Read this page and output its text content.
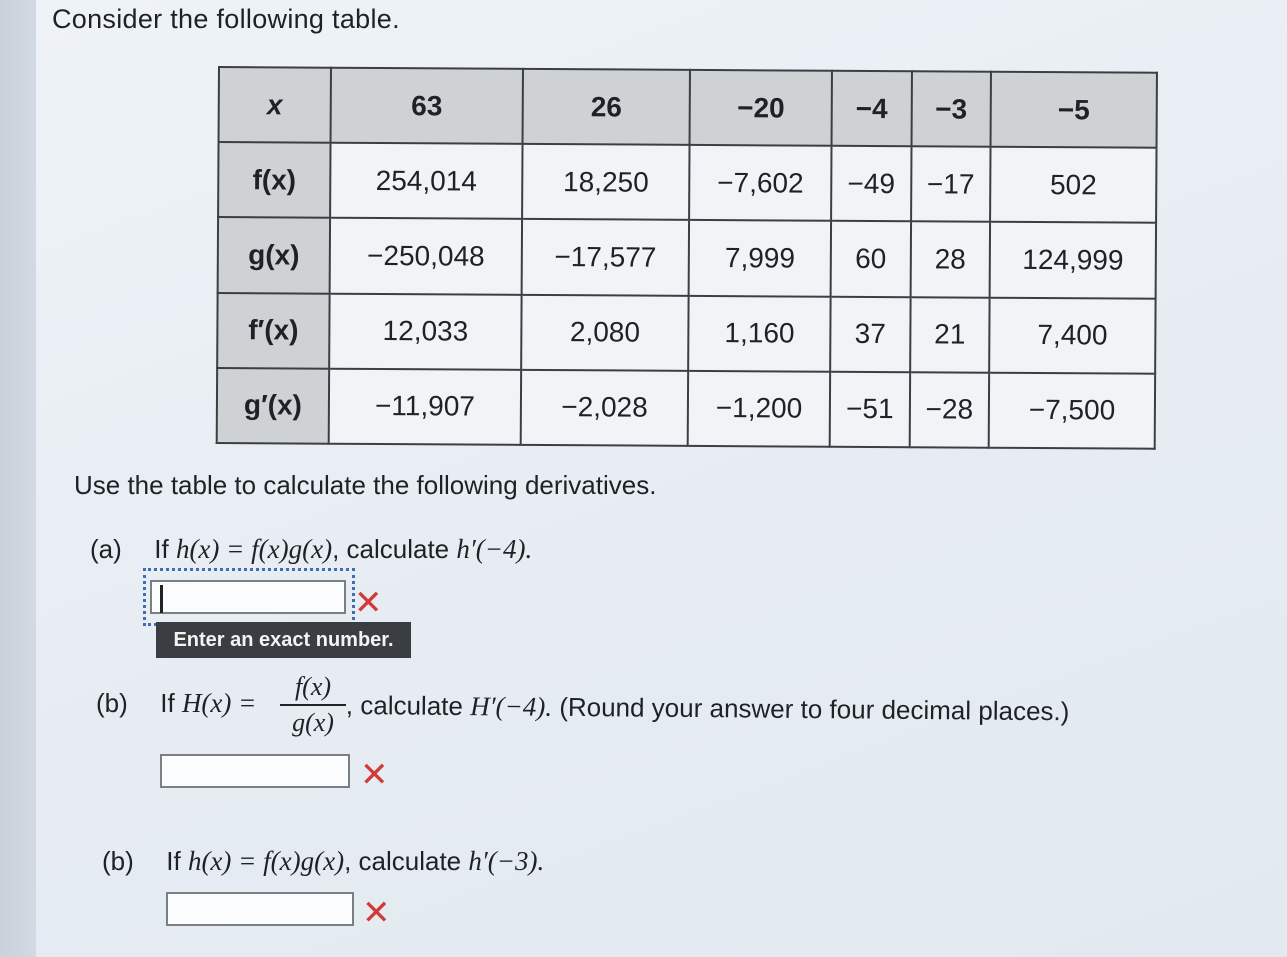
Consider the following table.
x	63	26	−20	−4	−3	−5
f(x)	254,014	18,250	−7,602	−49	−17	502
g(x)	−250,048	−17,577	7,999	60	28	124,999
f′(x)	12,033	2,080	1,160	37	21	7,400
g′(x)	−11,907	−2,028	−1,200	−51	−28	−7,500
Use the table to calculate the following derivatives.
(a) If h(x) = f(x)g(x), calculate h′(−4).
✕
Enter an exact number.
(b) If H(x) =
f(x)
g(x)
, calculate H′(−4). (Round your answer to four decimal places.)
✕
(b) If h(x) = f(x)g(x), calculate h′(−3).
✕
